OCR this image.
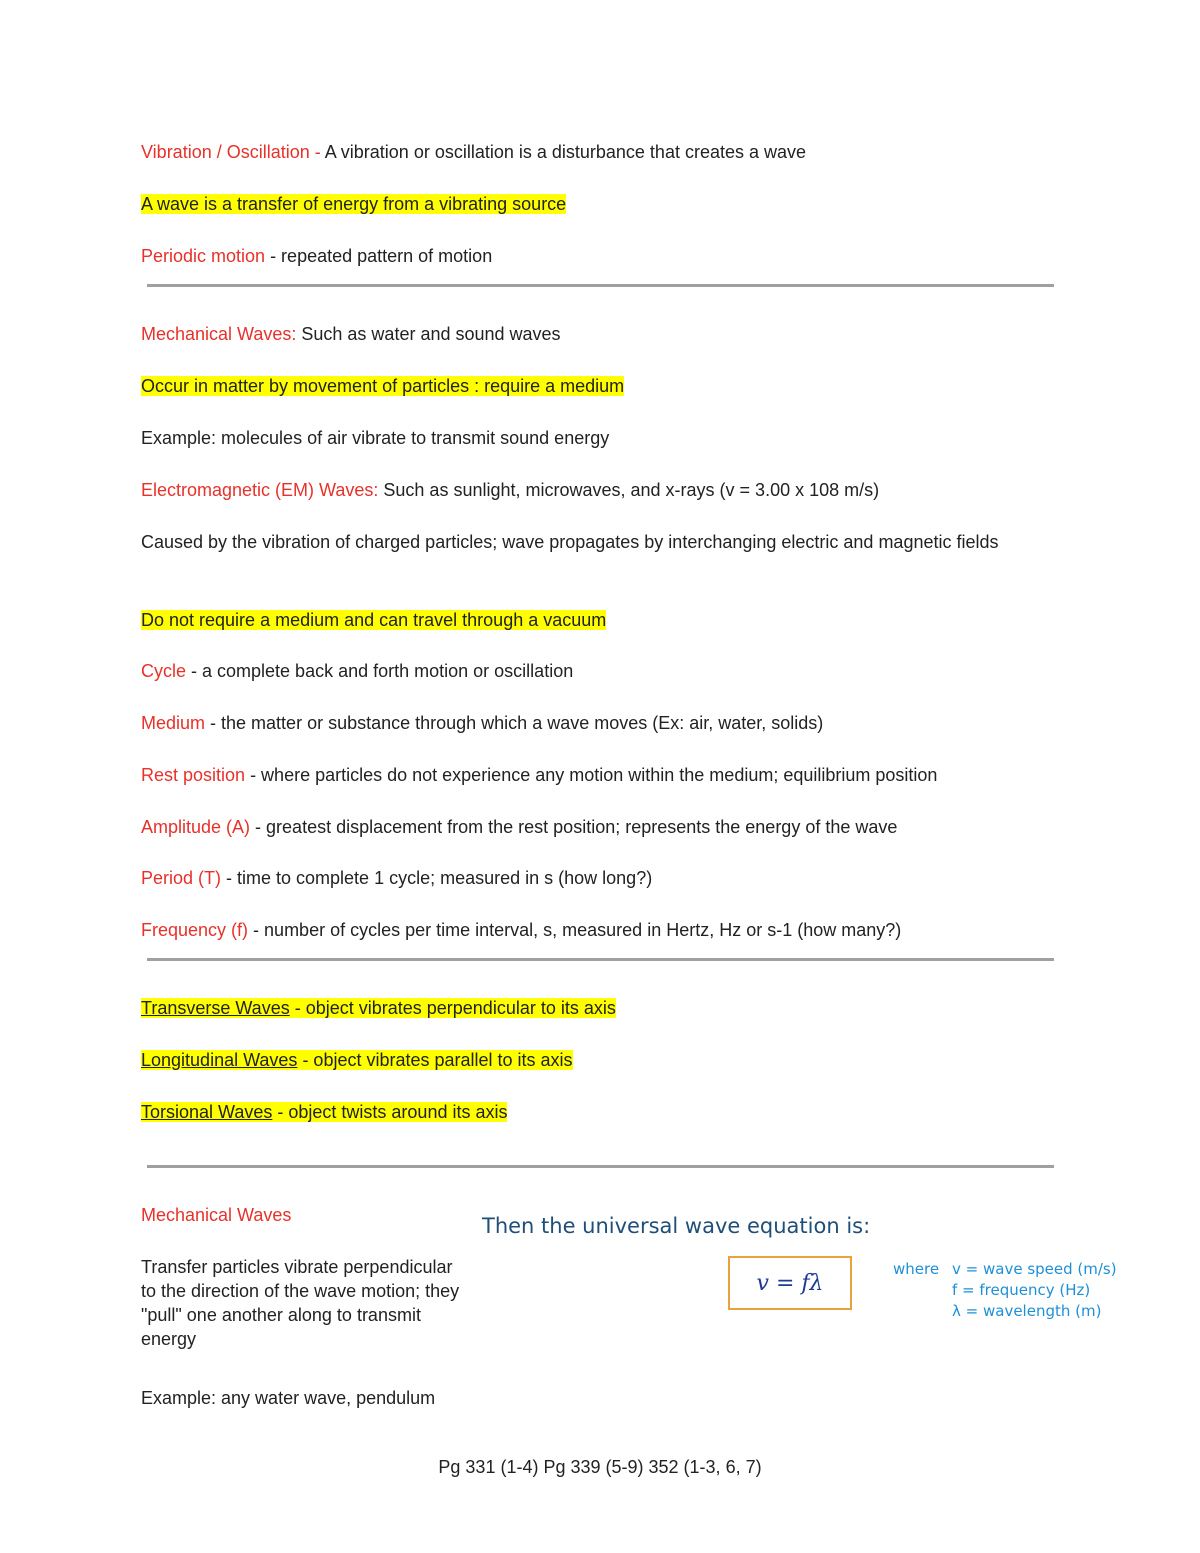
Vibration / Oscillation - A vibration or oscillation is a disturbance that creates a wave

A wave is a transfer of energy from a vibrating source

Periodic motion - repeated pattern of motion

Mechanical Waves: Such as water and sound waves

Occur in matter by movement of particles : require a medium

Example: molecules of air vibrate to transmit sound energy

Electromagnetic (EM) Waves: Such as sunlight, microwaves, and x-rays (v = 3.00 x 108 m/s)

Caused by the vibration of charged particles; wave propagates by interchanging electric and magnetic fields

Do not require a medium and can travel through a vacuum

Cycle - a complete back and forth motion or oscillation

Medium - the matter or substance through which a wave moves (Ex: air, water, solids)

Rest position - where particles do not experience any motion within the medium; equilibrium position

Amplitude (A) - greatest displacement from the rest position; represents the energy of the wave

Period (T) - time to complete 1 cycle; measured in s (how long?)

Frequency (f) - number of cycles per time interval, s, measured in Hertz, Hz or s-1 (how many?)

Transverse Waves - object vibrates perpendicular to its axis

Longitudinal Waves - object vibrates parallel to its axis

Torsional Waves - object twists around its axis

Mechanical Waves

Transfer particles vibrate perpendicular to the direction of the wave motion; they "pull" one another along to transmit energy

Example: any water wave, pendulum

Then the universal wave equation is:

v = fλ

where v = wave speed (m/s)
f = frequency (Hz)
λ = wavelength (m)

Pg 331 (1-4) Pg 339 (5-9) 352 (1-3, 6, 7)
